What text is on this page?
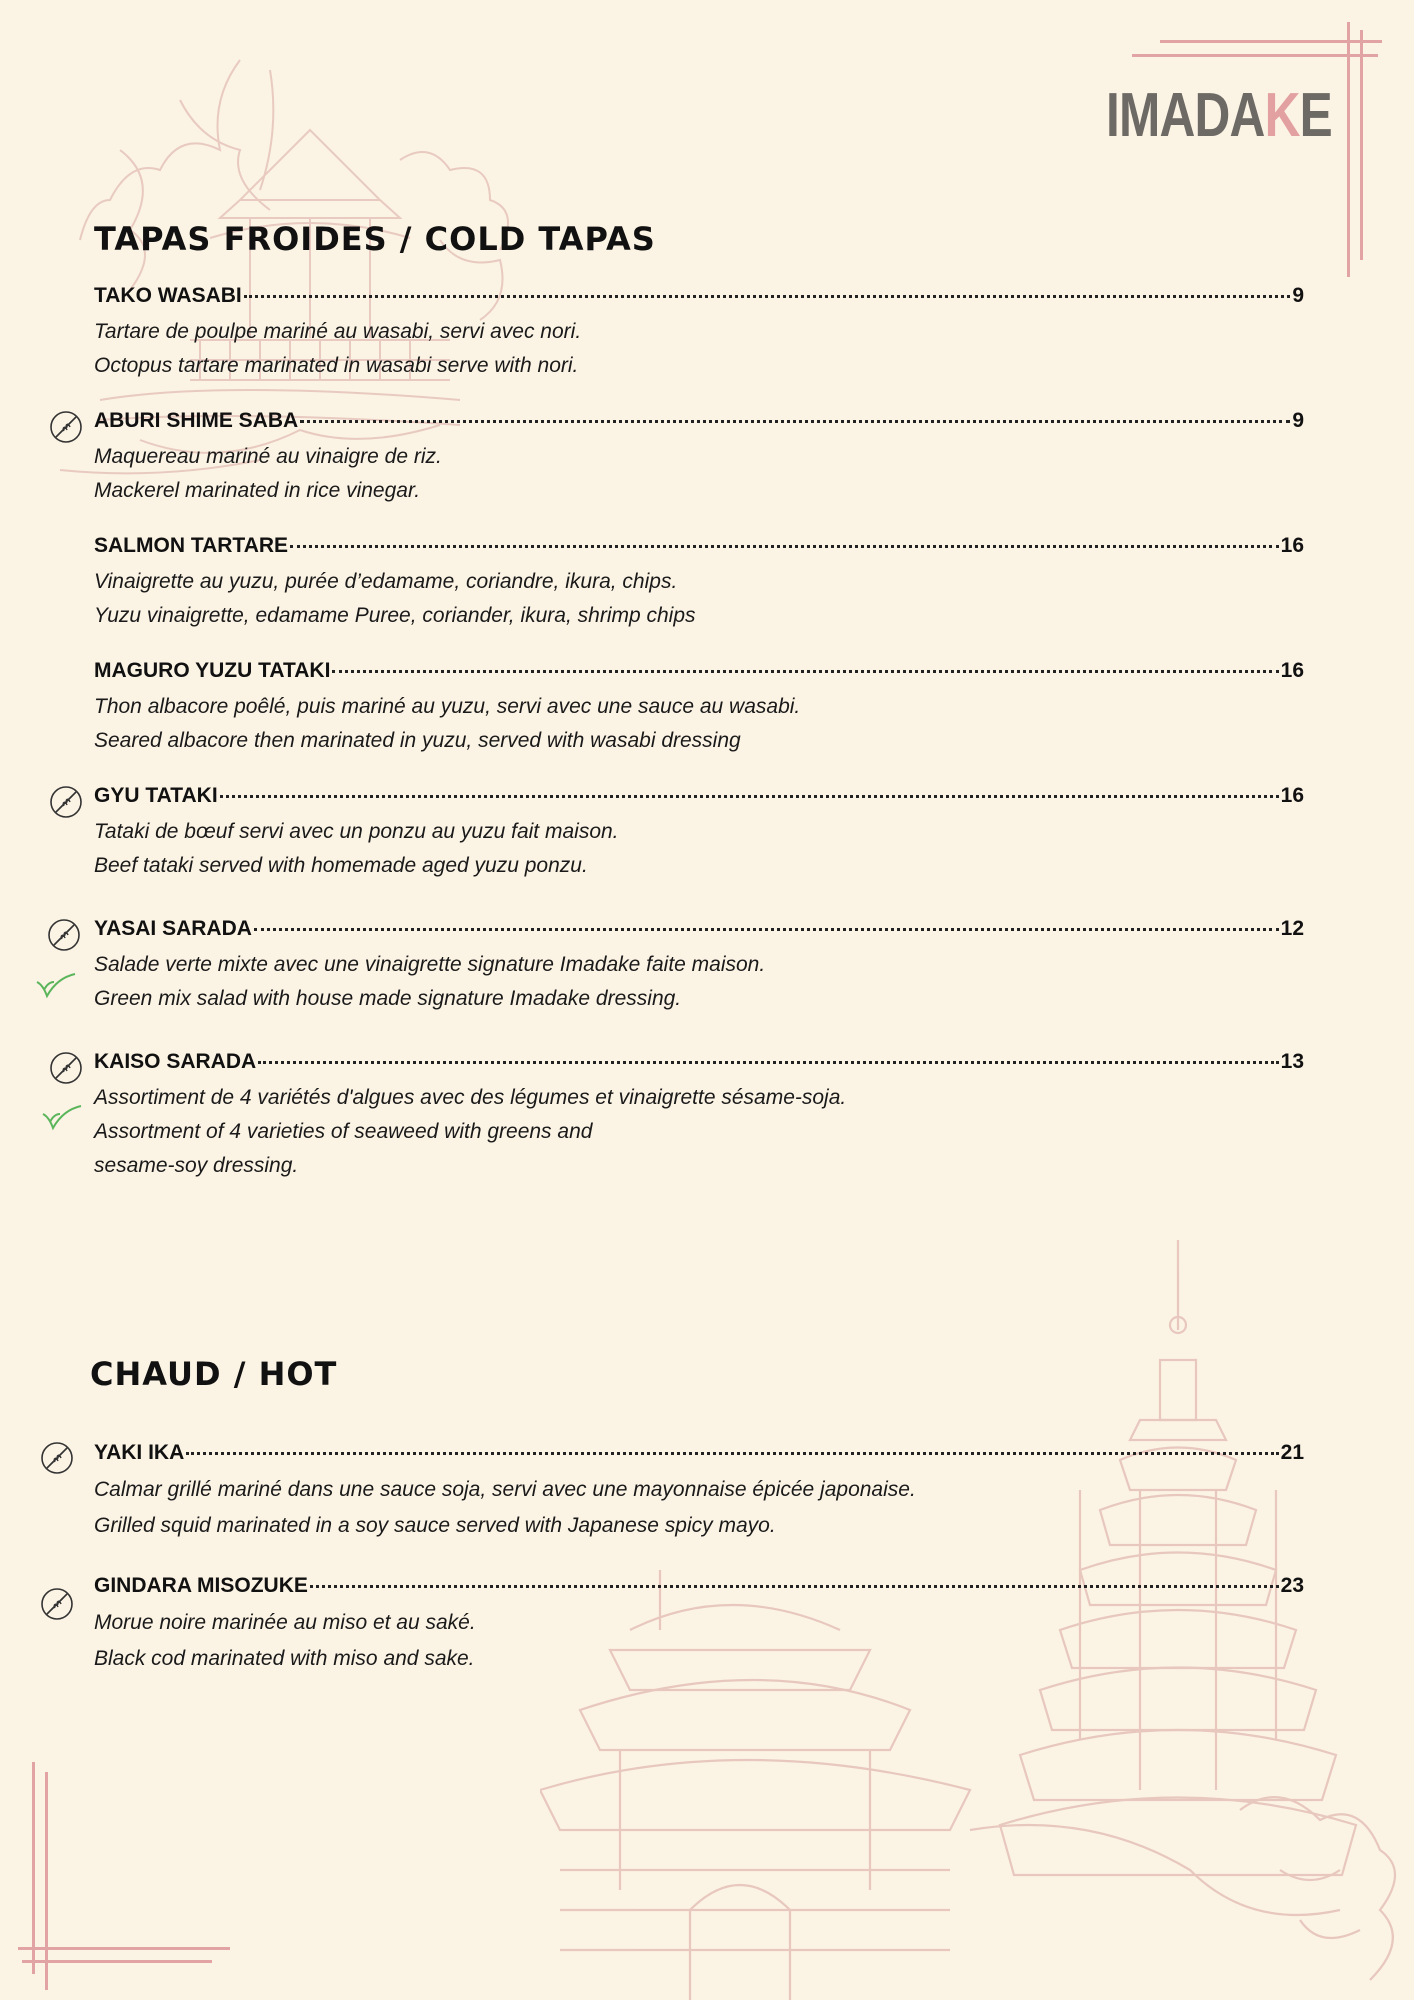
IMADAKE
TAPAS FROIDES / COLD TAPAS
TAKO WASABI	9
Tartare de poulpe mariné au wasabi, servi avec nori.
Octopus tartare marinated in wasabi serve with nori.
ABURI SHIME SABA	9
Maquereau mariné au vinaigre de riz.
Mackerel marinated in rice vinegar.
SALMON TARTARE	16
Vinaigrette au yuzu, purée d’edamame, coriandre, ikura, chips.
Yuzu vinaigrette, edamame Puree, coriander, ikura, shrimp chips
MAGURO YUZU TATAKI	16
Thon albacore poêlé, puis mariné au yuzu, servi avec une sauce au wasabi.
Seared albacore then marinated in yuzu, served with wasabi dressing
GYU TATAKI	16
Tataki de bœuf servi avec un ponzu au yuzu fait maison.
Beef tataki served with homemade aged yuzu ponzu.
YASAI SARADA	12
Salade verte mixte avec une vinaigrette signature Imadake faite maison.
Green mix salad with house made signature Imadake dressing.
KAISO SARADA	13
Assortiment de 4 variétés d'algues avec des légumes et vinaigrette sésame-soja.
Assortment of 4 varieties of seaweed with greens and
sesame-soy dressing.
CHAUD / HOT
YAKI IKA	21
Calmar grillé mariné dans une sauce soja, servi avec une mayonnaise épicée japonaise.
Grilled squid marinated in a soy sauce served with Japanese spicy mayo.
GINDARA MISOZUKE	23
Morue noire marinée au miso et au saké.
Black cod marinated with miso and sake.
